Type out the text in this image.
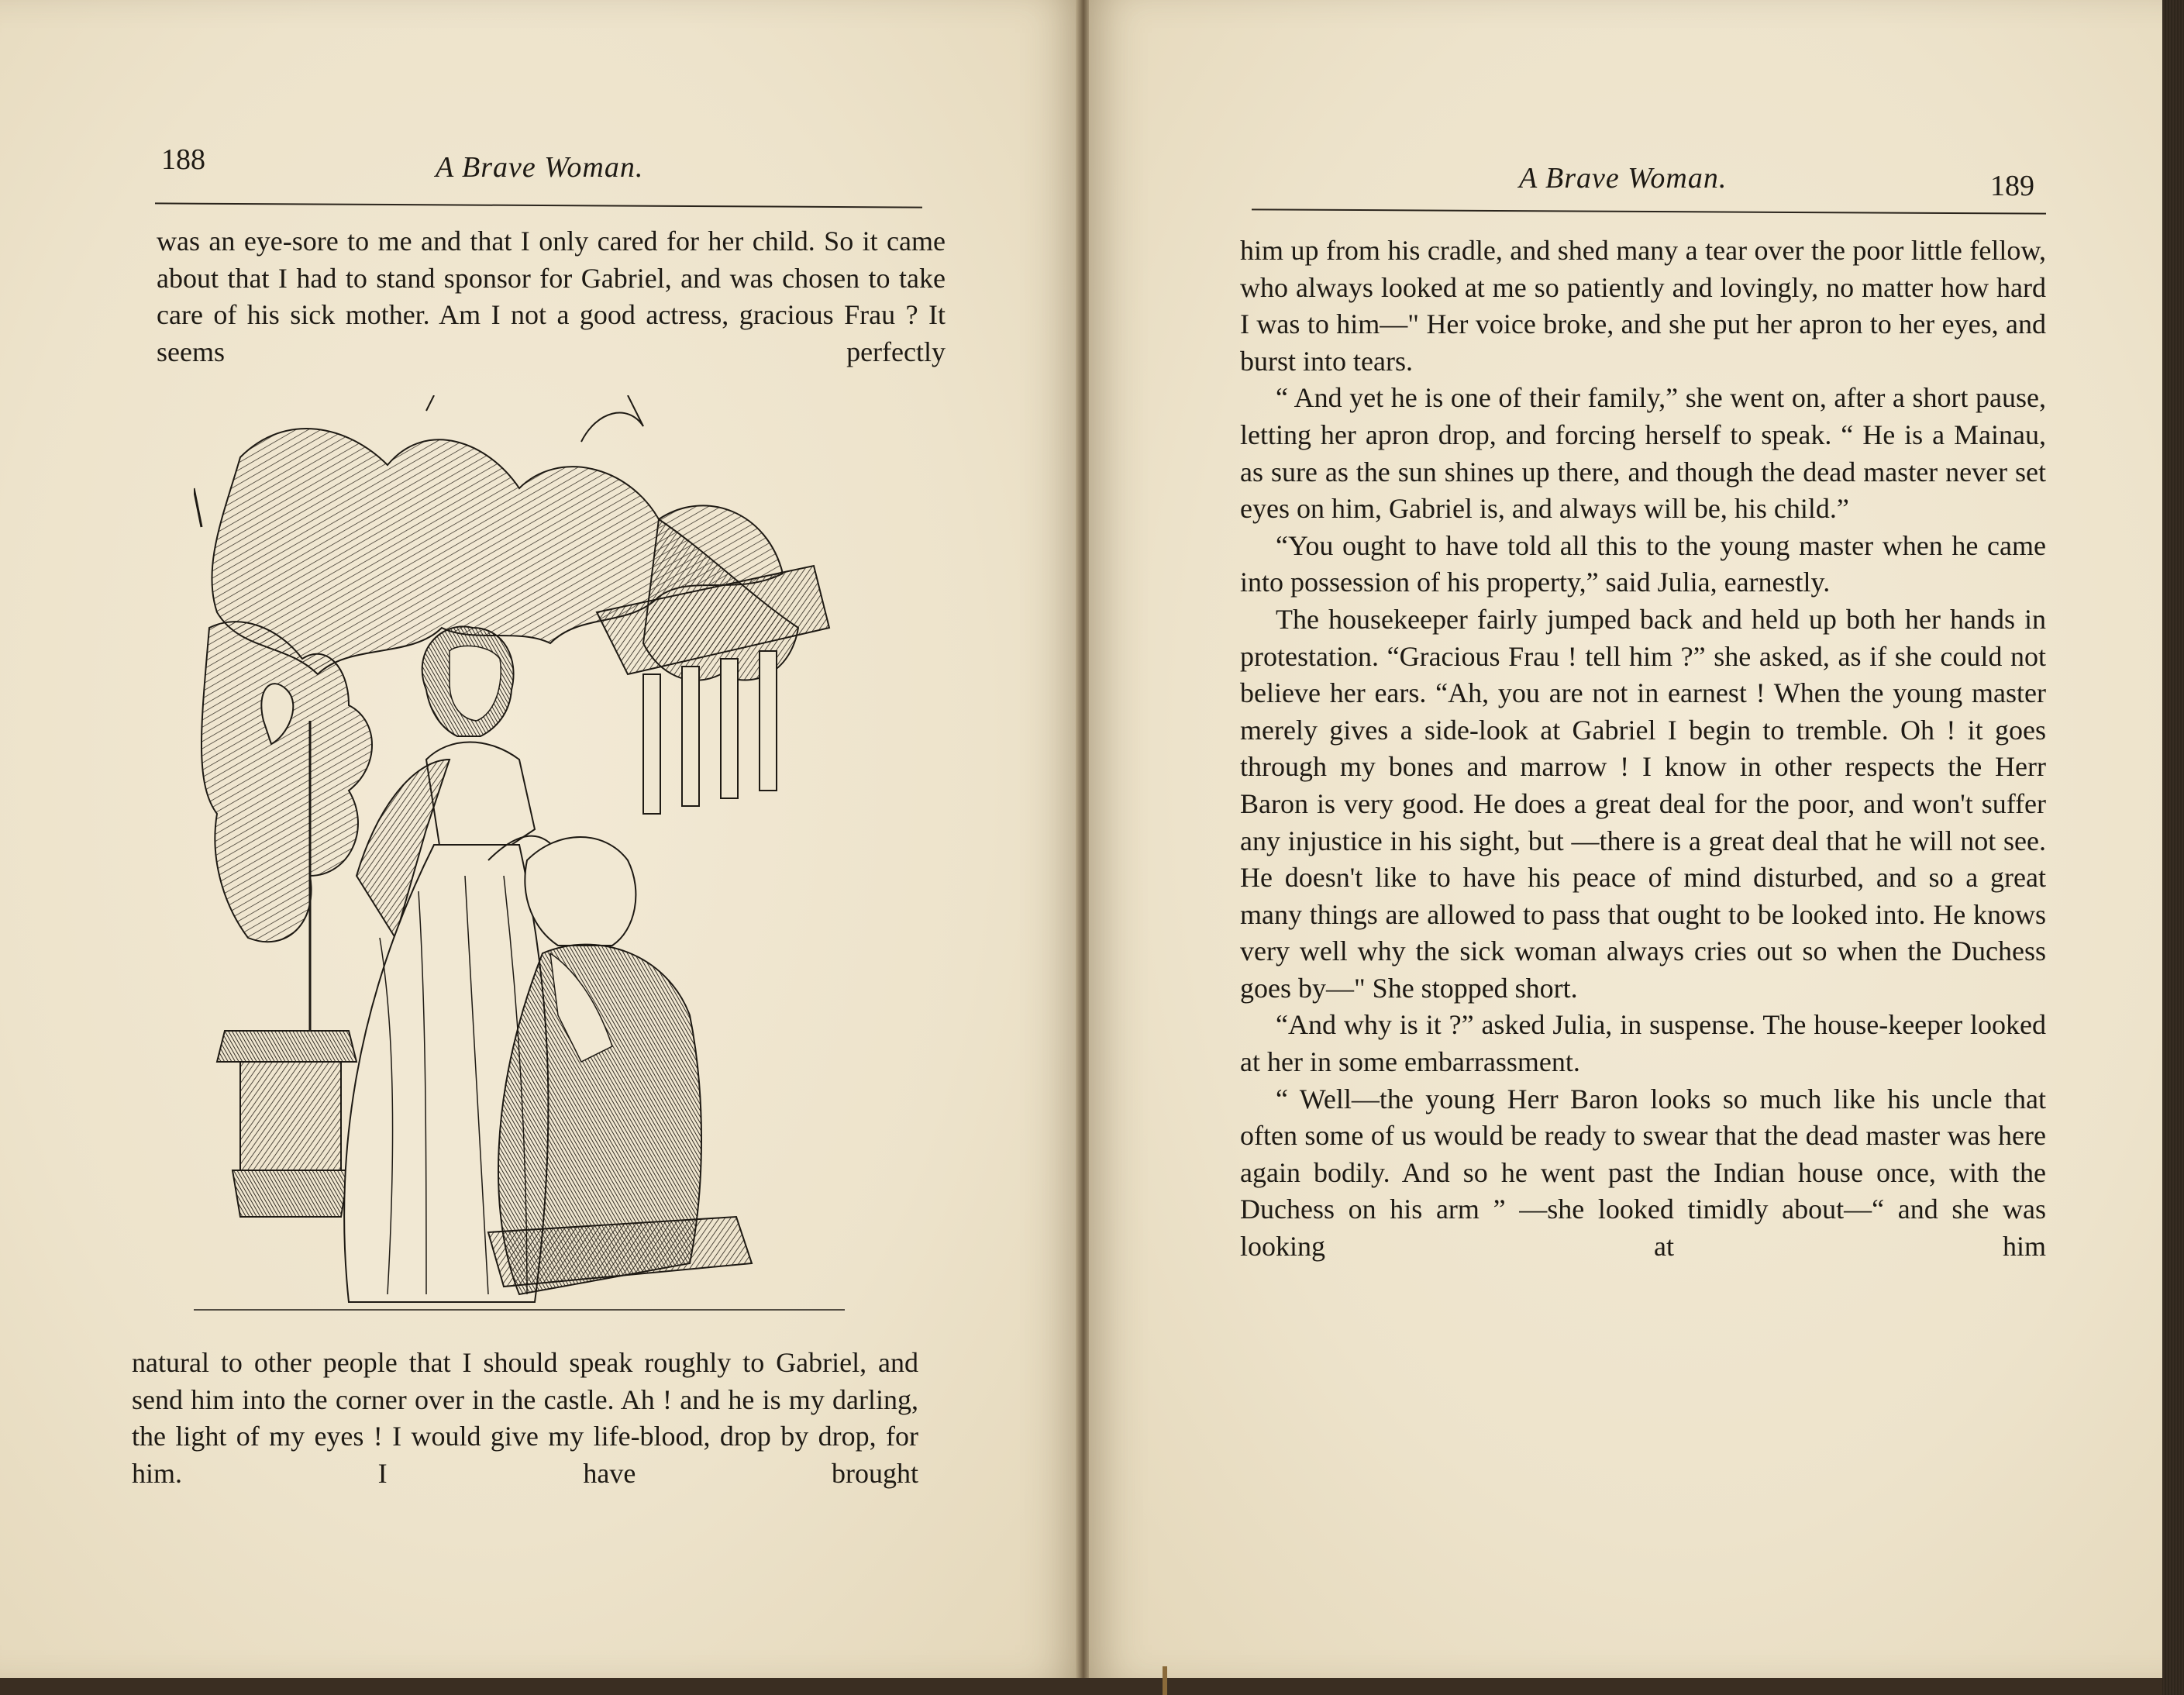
188	A Brave Woman.

was an eye-sore to me and that I only cared for her child. So it came about that I had to stand sponsor for Gabriel, and was chosen to take care of his sick mother. Am I not a good actress, gracious Frau ? It seems perfectly

natural to other people that I should speak roughly to Gabriel, and send him into the corner over in the castle. Ah ! and he is my darling, the light of my eyes ! I would give my life-blood, drop by drop, for him. I have brought

A Brave Woman.	189

him up from his cradle, and shed many a tear over the poor little fellow, who always looked at me so patiently and lovingly, no matter how hard I was to him—" Her voice broke, and she put her apron to her eyes, and burst into tears.

“ And yet he is one of their family,” she went on, after a short pause, letting her apron drop, and forcing herself to speak. “ He is a Mainau, as sure as the sun shines up there, and though the dead master never set eyes on him, Gabriel is, and always will be, his child.”

“You ought to have told all this to the young master when he came into possession of his property,” said Julia, earnestly.

The housekeeper fairly jumped back and held up both her hands in protestation. “Gracious Frau ! tell him ?” she asked, as if she could not believe her ears. “Ah, you are not in earnest ! When the young master merely gives a side-look at Gabriel I begin to tremble. Oh ! it goes through my bones and marrow ! I know in other respects the Herr Baron is very good. He does a great deal for the poor, and won't suffer any injustice in his sight, but —there is a great deal that he will not see. He doesn't like to have his peace of mind disturbed, and so a great many things are allowed to pass that ought to be looked into. He knows very well why the sick woman always cries out so when the Duchess goes by—" She stopped short.

“And why is it ?” asked Julia, in suspense. The house-keeper looked at her in some embarrassment.

“ Well—the young Herr Baron looks so much like his uncle that often some of us would be ready to swear that the dead master was here again bodily. And so he went past the Indian house once, with the Duchess on his arm ” —she looked timidly about—“ and she was looking at him
